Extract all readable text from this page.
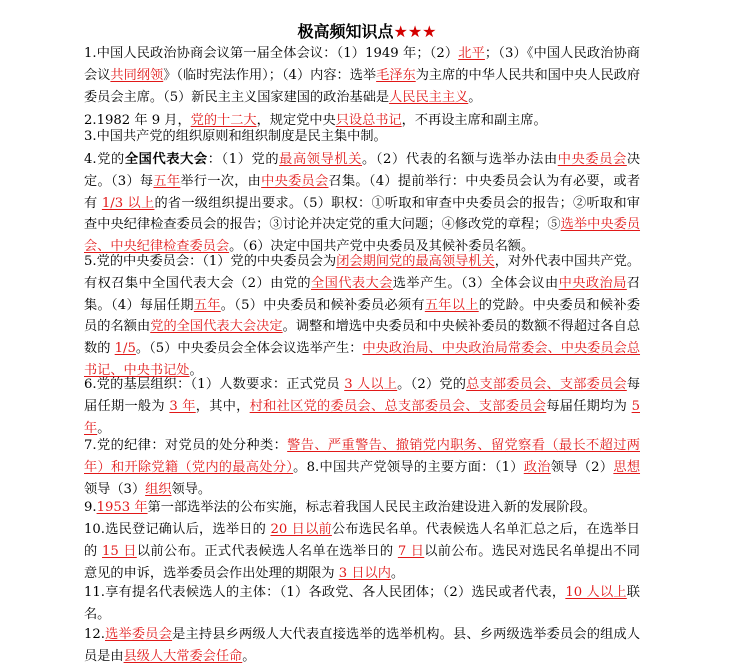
极高频知识点★★★
1.中国人民政治协商会议第一届全体会议：（1）1949 年；（2）北平；（3）《中国人民政治协商会议共同纲领》（临时宪法作用）；（4）内容：选举毛泽东为主席的中华人民共和国中央人民政府委员会主席。（5）新民主主义国家建国的政治基础是人民民主主义。
2.1982 年 9 月，党的十二大，规定党中央只设总书记，不再设主席和副主席。
3.中国共产党的组织原则和组织制度是民主集中制。
4.党的全国代表大会：（1）党的最高领导机关。（2）代表的名额与选举办法由中央委员会决定。（3）每五年举行一次，由中央委员会召集。（4）提前举行：中央委员会认为有必要，或者有 1/3 以上的省一级组织提出要求。（5）职权：①听取和审查中央委员会的报告；②听取和审查中央纪律检查委员会的报告；③讨论并决定党的重大问题；④修改党的章程；⑤选举中央委员会、中央纪律检查委员会。（6）决定中国共产党中央委员及其候补委员名额。
5.党的中央委员会：（1）党的中央委员会为闭会期间党的最高领导机关，对外代表中国共产党。有权召集中全国代表大会（2）由党的全国代表大会选举产生。（3）全体会议由中央政治局召集。（4）每届任期五年。（5）中央委员和候补委员必须有五年以上的党龄。中央委员和候补委员的名额由党的全国代表大会决定。调整和增选中央委员和中央候补委员的数额不得超过各自总数的 1/5。（5）中央委员会全体会议选举产生：中央政治局、中央政治局常委会、中央委员会总书记、中央书记处。
6.党的基层组织：（1）人数要求：正式党员 3 人以上。（2）党的总支部委员会、支部委员会每届任期一般为 3 年，其中，村和社区党的委员会、总支部委员会、支部委员会每届任期均为 5 年。
7.党的纪律：对党员的处分种类：警告、严重警告、撤销党内职务、留党察看（最长不超过两年）和开除党籍（党内的最高处分）。8.中国共产党领导的主要方面：（1）政治领导（2）思想领导（3）组织领导。
9.1953 年第一部选举法的公布实施，标志着我国人民民主政治建设进入新的发展阶段。
10.选民登记确认后，选举日的 20 日以前公布选民名单。代表候选人名单汇总之后，在选举日的 15 日以前公布。正式代表候选人名单在选举日的 7 日以前公布。选民对选民名单提出不同意见的申诉，选举委员会作出处理的期限为 3 日以内。
11.享有提名代表候选人的主体：（1）各政党、各人民团体；（2）选民或者代表，10 人以上联名。
12.选举委员会是主持县乡两级人大代表直接选举的选举机构。县、乡两级选举委员会的组成人员是由县级人大常委会任命。
